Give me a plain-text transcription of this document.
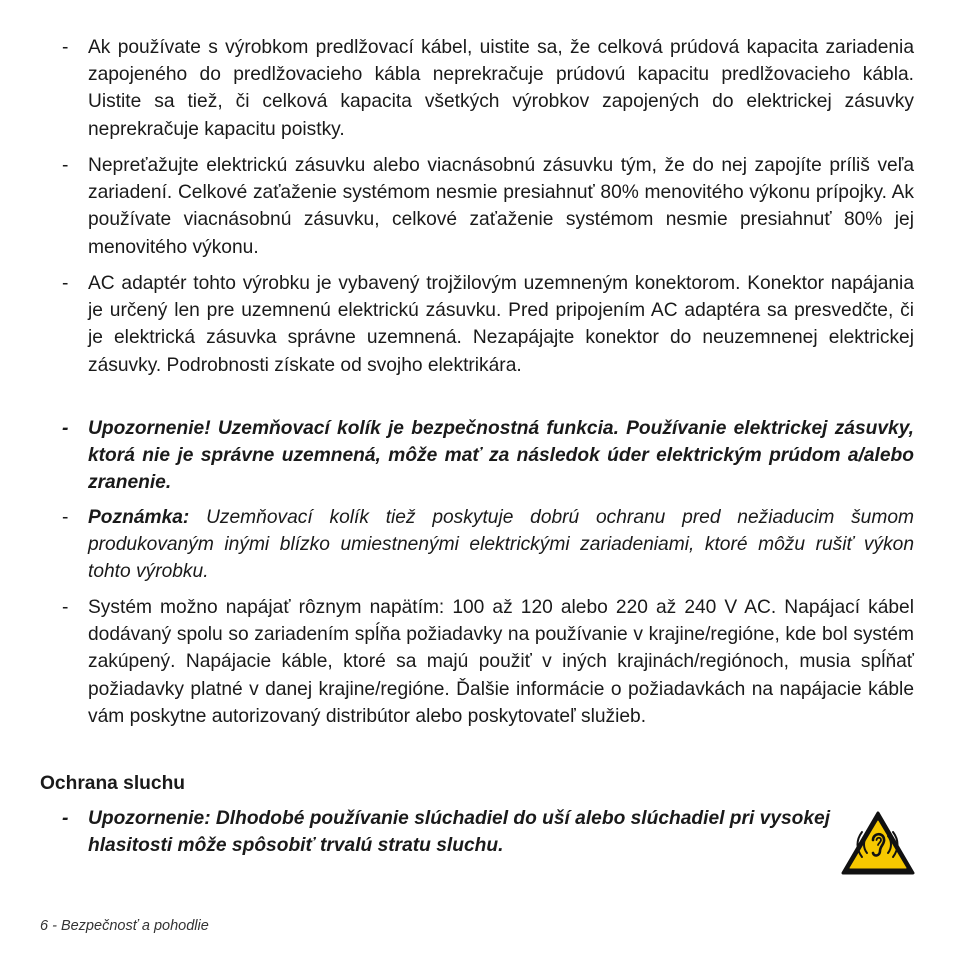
-	Ak používate s výrobkom predlžovací kábel, uistite sa, že celková prúdová kapacita zariadenia zapojeného do predlžovacieho kábla neprekračuje prúdovú kapacitu predlžovacieho kábla. Uistite sa tiež, či celková kapacita všetkých výrobkov zapojených do elektrickej zásuvky neprekračuje kapacitu poistky.
-	Nepreťažujte elektrickú zásuvku alebo viacnásobnú zásuvku tým, že do nej zapojíte príliš veľa zariadení. Celkové zaťaženie systémom nesmie presiahnuť 80% menovitého výkonu prípojky. Ak používate viacnásobnú zásuvku, celkové zaťaženie systémom nesmie presiahnuť 80% jej menovitého výkonu.
-	AC adaptér tohto výrobku je vybavený trojžilovým uzemneným konektorom. Konektor napájania je určený len pre uzemnenú elektrickú zásuvku. Pred pripojením AC adaptéra sa presvedčte, či je elektrická zásuvka správne uzemnená. Nezapájajte konektor do neuzemnenej elektrickej zásuvky. Podrobnosti získate od svojho elektrikára.
-	Upozornenie! Uzemňovací kolík je bezpečnostná funkcia. Používanie elektrickej zásuvky, ktorá nie je správne uzemnená, môže mať za následok úder elektrickým prúdom a/alebo zranenie.
-	Poznámka: Uzemňovací kolík tiež poskytuje dobrú ochranu pred nežiaducim šumom produkovaným inými blízko umiestnenými elektrickými zariadeniami, ktoré môžu rušiť výkon tohto výrobku.
-	Systém možno napájať rôznym napätím: 100 až 120 alebo 220 až 240 V AC. Napájací kábel dodávaný spolu so zariadením spĺňa požiadavky na používanie v krajine/regióne, kde bol systém zakúpený. Napájacie káble, ktoré sa majú použiť v iných krajinách/regiónoch, musia spĺňať požiadavky platné v danej krajine/regióne. Ďalšie informácie o požiadavkách na napájacie káble vám poskytne autorizovaný distribútor alebo poskytovateľ služieb.
Ochrana sluchu
-	Upozornenie: Dlhodobé používanie slúchadiel do uší alebo slúchadiel pri vysokej hlasitosti môže spôsobiť trvalú stratu sluchu.
6 - Bezpečnosť a pohodlie
